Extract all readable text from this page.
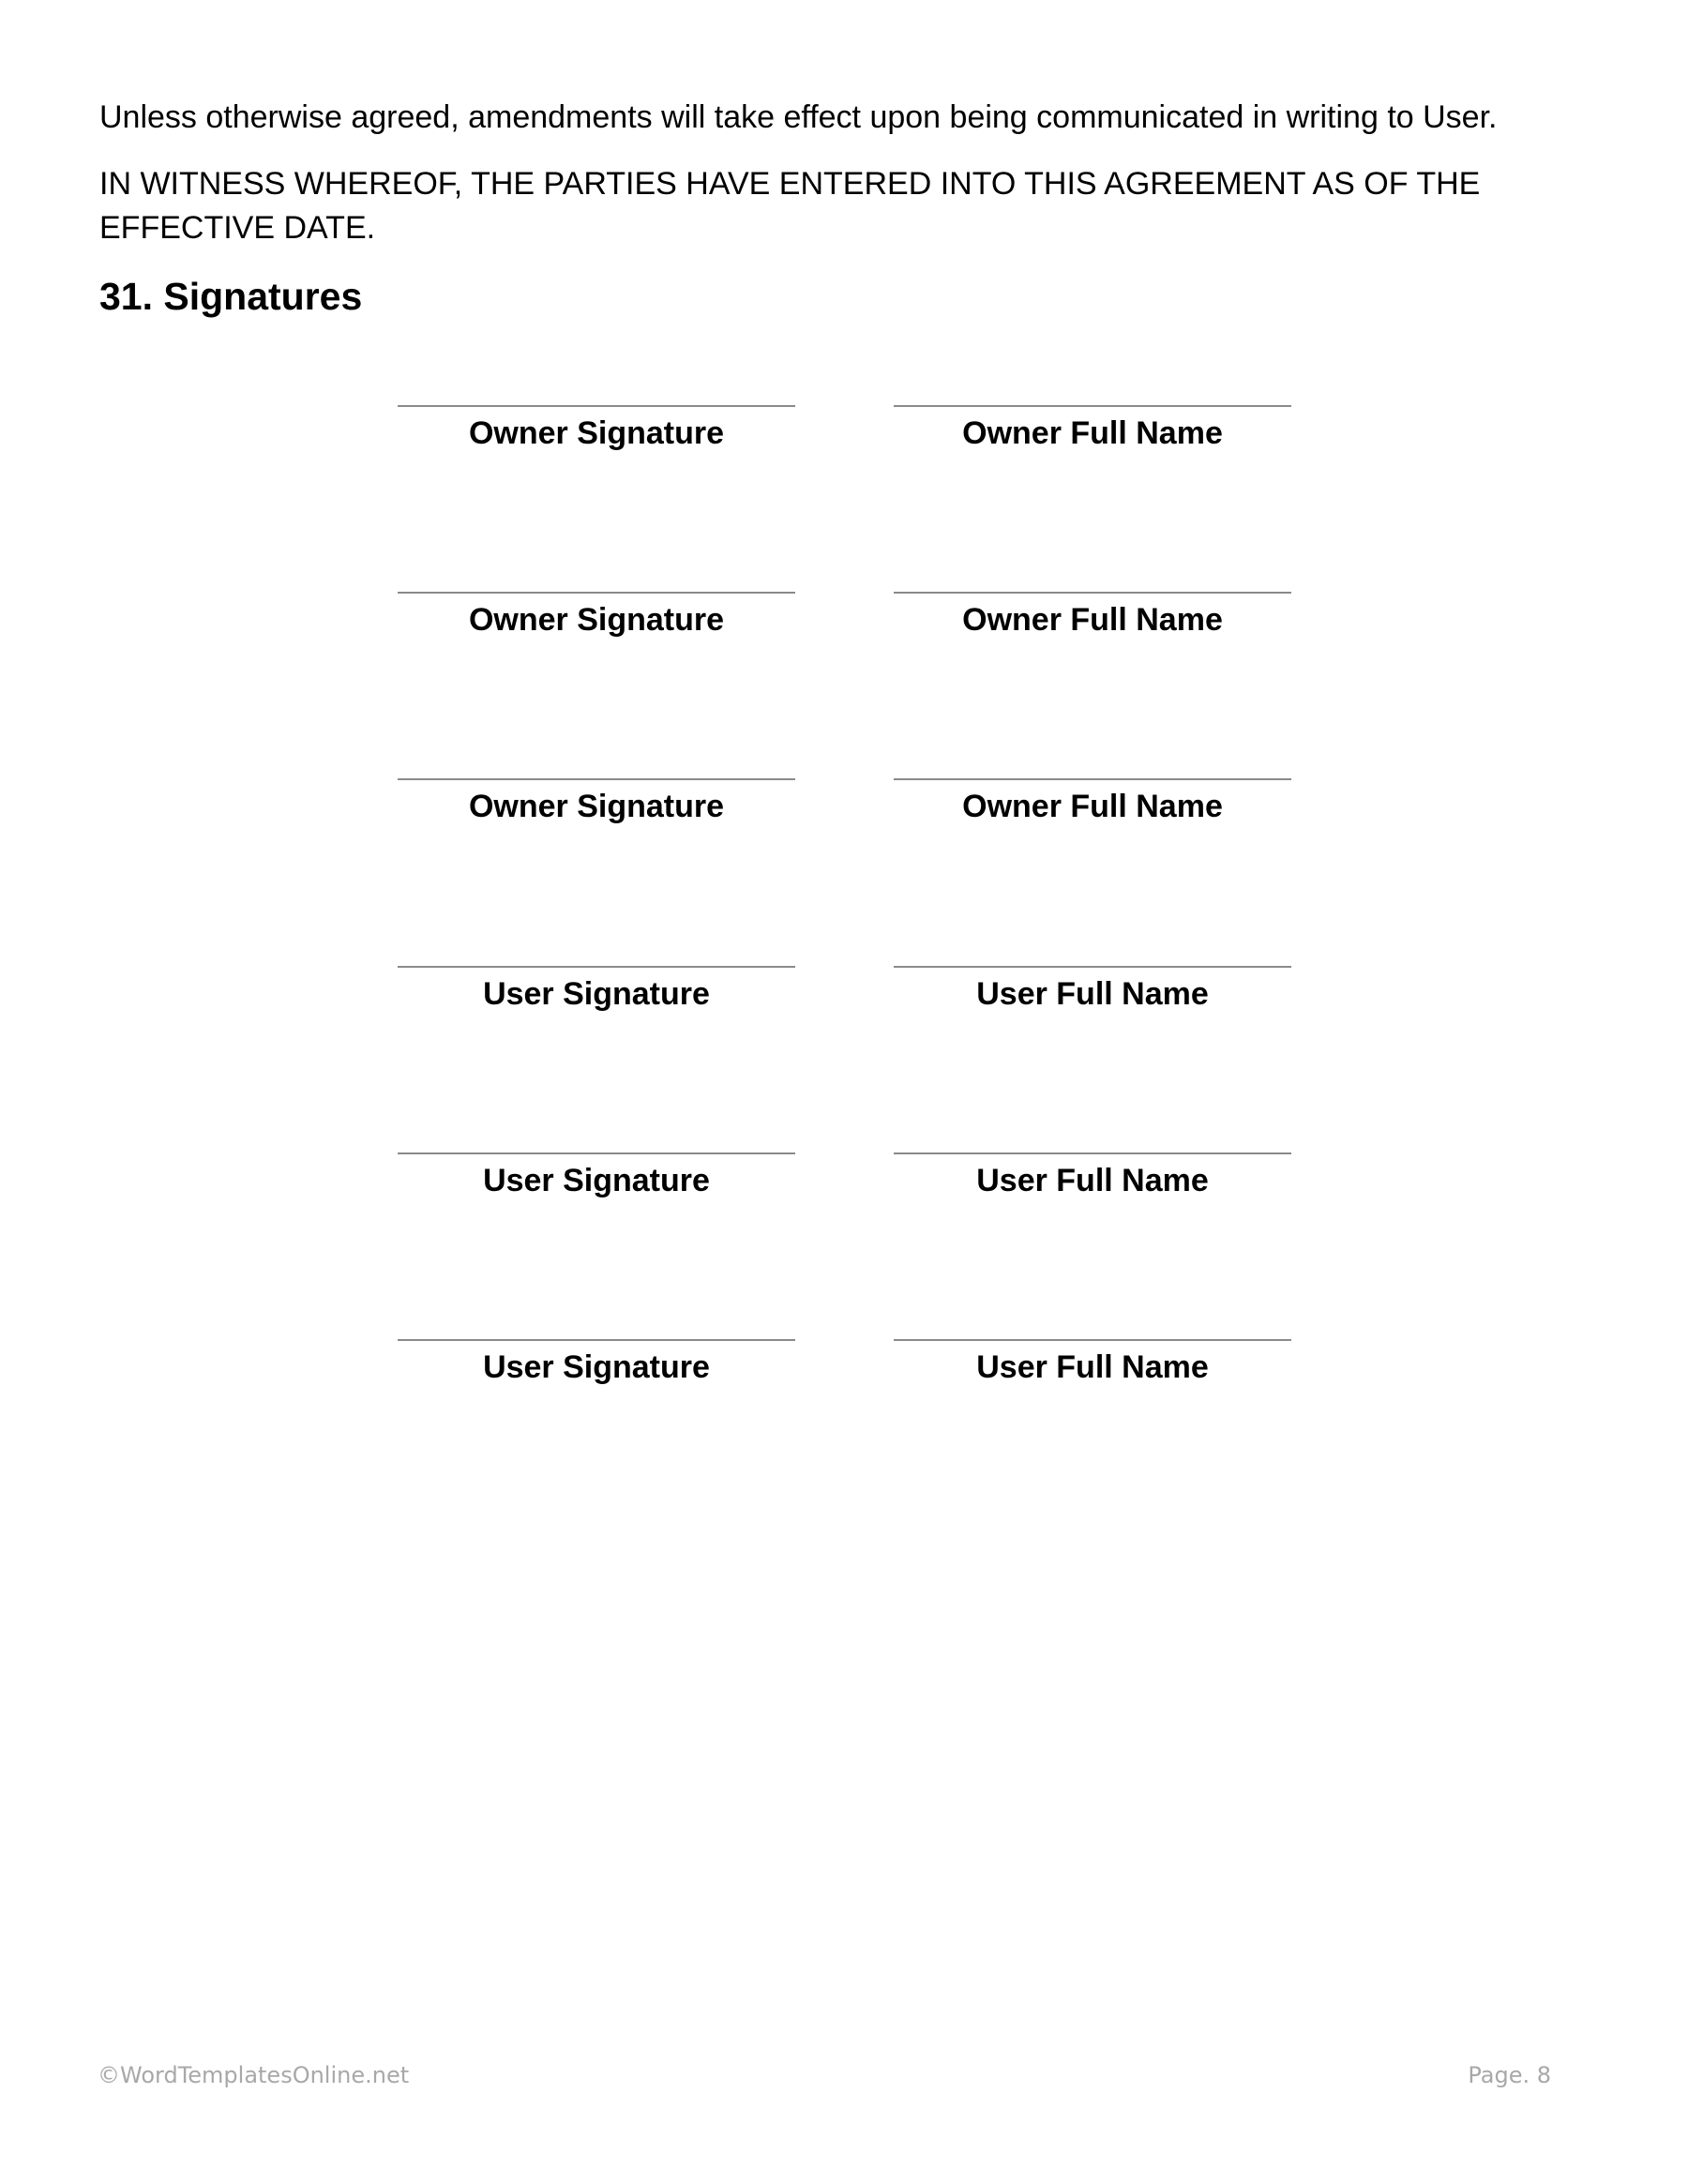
Unless otherwise agreed, amendments will take effect upon being communicated in writing to User.

IN WITNESS WHEREOF, THE PARTIES HAVE ENTERED INTO THIS AGREEMENT AS OF THE EFFECTIVE DATE.

31. Signatures
Owner Signature	Owner Full Name
Owner Signature	Owner Full Name
Owner Signature	Owner Full Name
User Signature	User Full Name
User Signature	User Full Name
User Signature	User Full Name
©WordTemplatesOnline.net	Page. 8
